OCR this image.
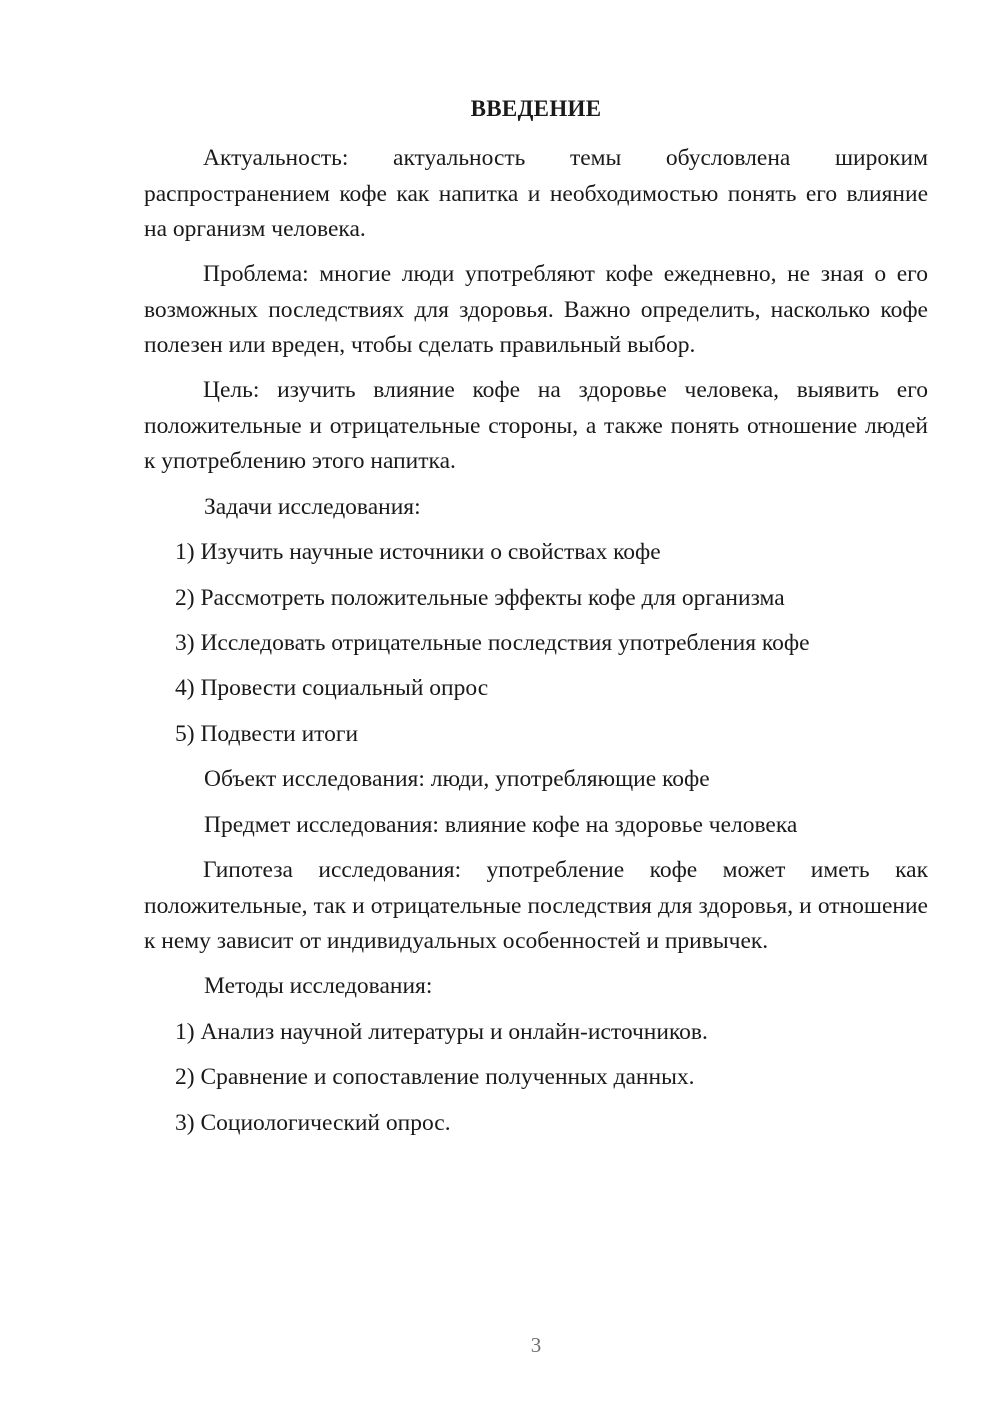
ВВЕДЕНИЕ

Актуальность: актуальность темы обусловлена широким распространением кофе как напитка и необходимостью понять его влияние на организм человека.

Проблема: многие люди употребляют кофе ежедневно, не зная о его возможных последствиях для здоровья. Важно определить, насколько кофе полезен или вреден, чтобы сделать правильный выбор.

Цель: изучить влияние кофе на здоровье человека, выявить его положительные и отрицательные стороны, а также понять отношение людей к употреблению этого напитка.

Задачи исследования:

1) Изучить научные источники о свойствах кофе

2) Рассмотреть положительные эффекты кофе для организма

3) Исследовать отрицательные последствия употребления кофе

4) Провести социальный опрос

5) Подвести итоги

Объект исследования: люди, употребляющие кофе

Предмет исследования: влияние кофе на здоровье человека

Гипотеза исследования: употребление кофе может иметь как положительные, так и отрицательные последствия для здоровья, и отношение к нему зависит от индивидуальных особенностей и привычек.

Методы исследования:

1) Анализ научной литературы и онлайн-источников.

2) Сравнение и сопоставление полученных данных.

3) Социологический опрос.

3
